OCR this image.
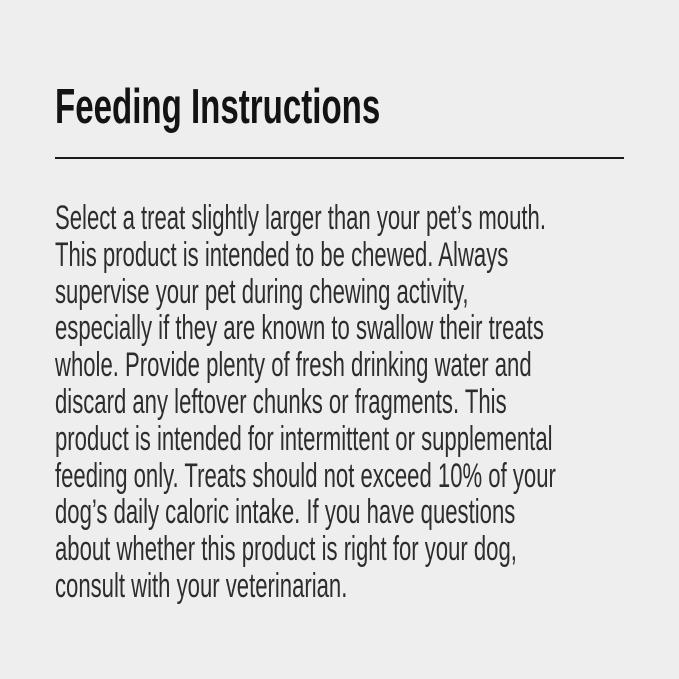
Feeding Instructions
Select a treat slightly larger than your pet’s mouth.
This product is intended to be chewed. Always
supervise your pet during chewing activity,
especially if they are known to swallow their treats
whole. Provide plenty of fresh drinking water and
discard any leftover chunks or fragments. This
product is intended for intermittent or supplemental
feeding only. Treats should not exceed 10% of your
dog’s daily caloric intake. If you have questions
about whether this product is right for your dog,
consult with your veterinarian.
